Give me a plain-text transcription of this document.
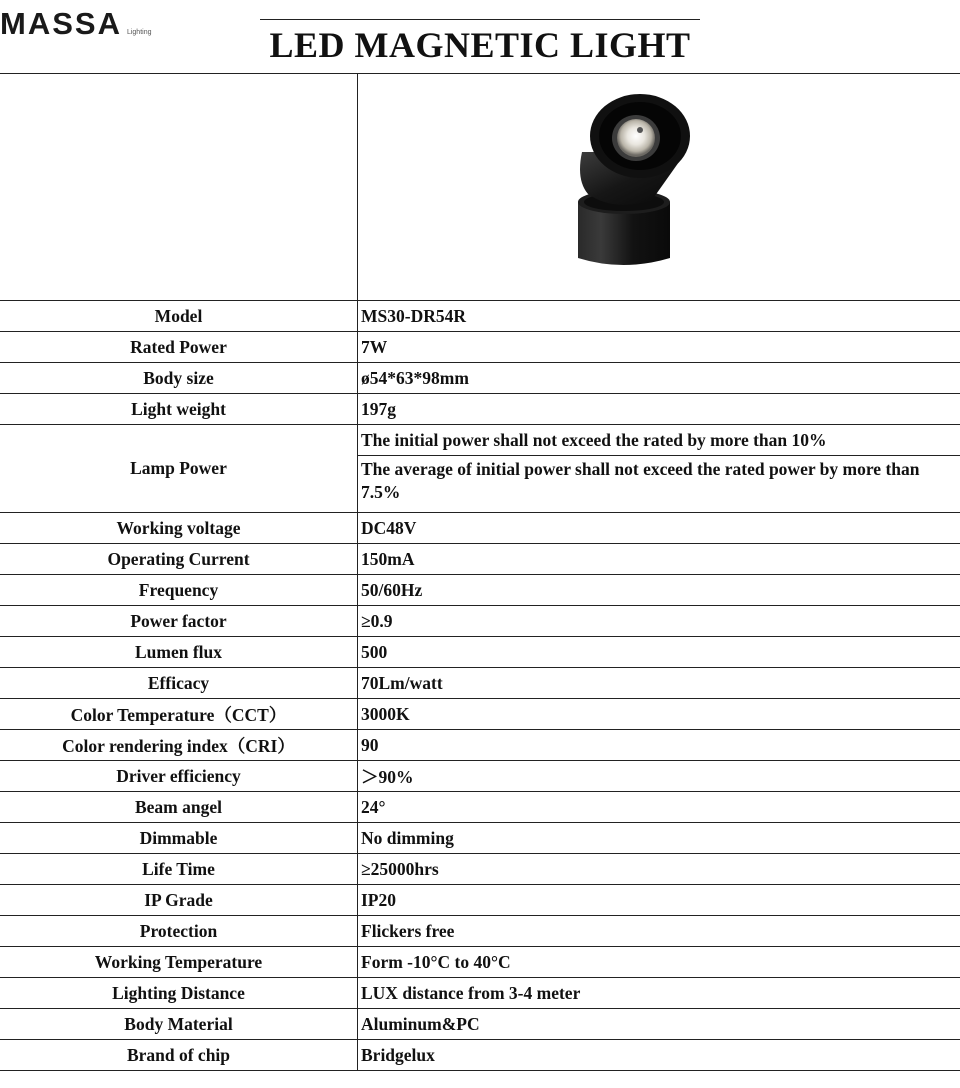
MASSA Lighting	LED MAGNETIC LIGHT

Model	MS30-DR54R
Rated Power	7W
Body size	ø54*63*98mm
Light weight	197g
Lamp Power	The initial power shall not exceed the rated by more than 10%
	The average of initial power shall not exceed the rated power by more than 7.5%
Working voltage	DC48V
Operating Current	150mA
Frequency	50/60Hz
Power factor	≥0.9
Lumen flux	500
Efficacy	70Lm/watt
Color Temperature（CCT）	3000K
Color rendering index（CRI）	90
Driver efficiency	＞90%
Beam angel	24°
Dimmable	No dimming
Life Time	≥25000hrs
IP Grade	IP20
Protection	Flickers free
Working Temperature	Form -10°C to 40°C
Lighting Distance	LUX distance from 3-4 meter
Body Material	Aluminum&PC
Brand of chip	Bridgelux
